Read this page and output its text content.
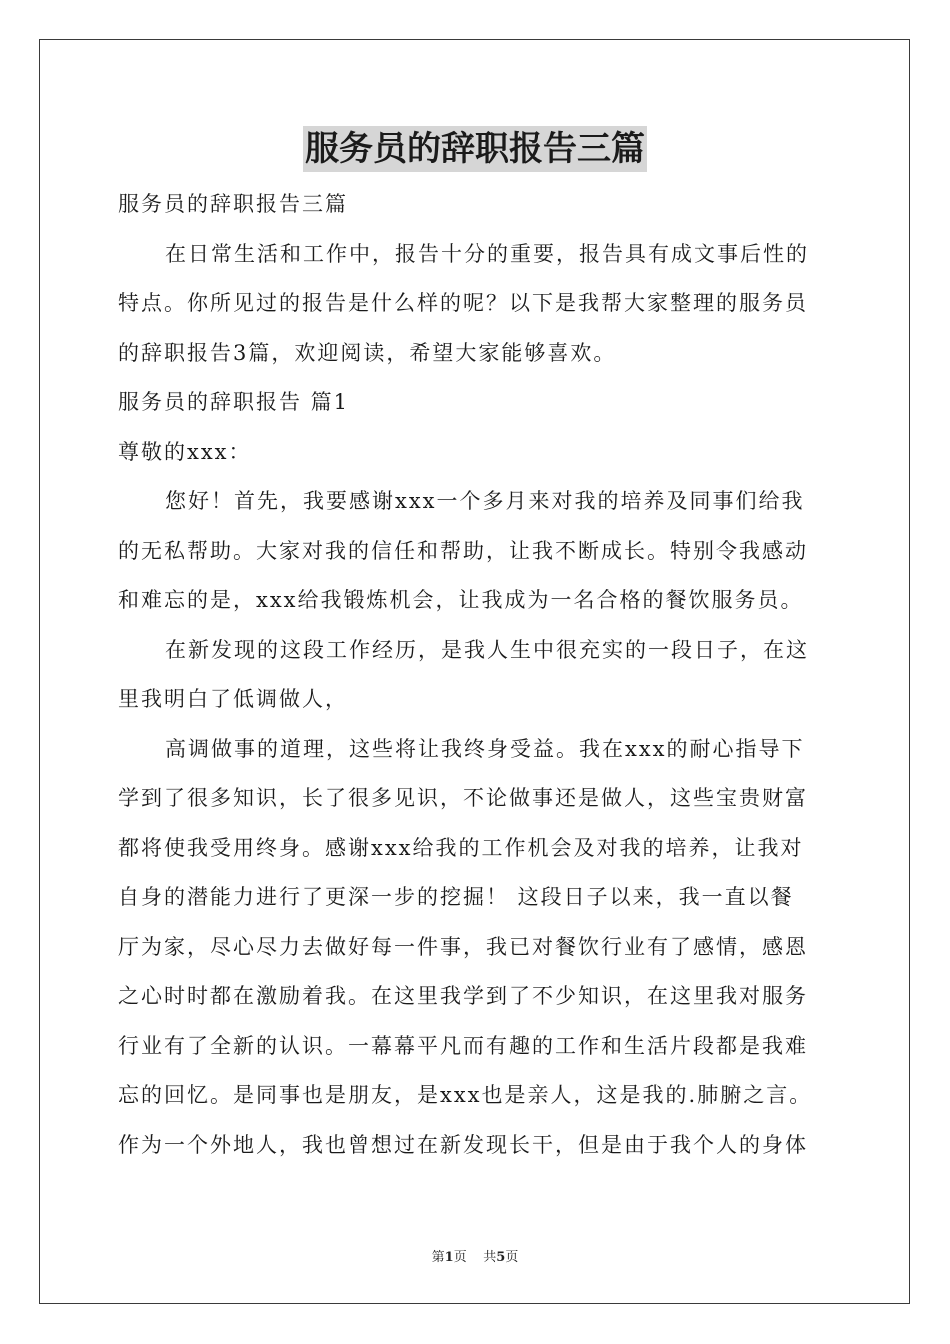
服务员的辞职报告三篇
服务员的辞职报告三篇
在日常生活和工作中，报告十分的重要，报告具有成文事后性的
特点。你所见过的报告是什么样的呢？以下是我帮大家整理的服务员
的辞职报告3篇，欢迎阅读，希望大家能够喜欢。
服务员的辞职报告 篇1
尊敬的xxx：
您好！首先，我要感谢xxx一个多月来对我的培养及同事们给我
的无私帮助。大家对我的信任和帮助，让我不断成长。特别令我感动
和难忘的是，xxx给我锻炼机会，让我成为一名合格的餐饮服务员。
在新发现的这段工作经历，是我人生中很充实的一段日子，在这
里我明白了低调做人，
高调做事的道理，这些将让我终身受益。我在xxx的耐心指导下
学到了很多知识，长了很多见识，不论做事还是做人，这些宝贵财富
都将使我受用终身。感谢xxx给我的工作机会及对我的培养，让我对
自身的潜能力进行了更深一步的挖掘！ 这段日子以来，我一直以餐
厅为家，尽心尽力去做好每一件事，我已对餐饮行业有了感情，感恩
之心时时都在激励着我。在这里我学到了不少知识，在这里我对服务
行业有了全新的认识。一幕幕平凡而有趣的工作和生活片段都是我难
忘的回忆。是同事也是朋友，是xxx也是亲人，这是我的.肺腑之言。
作为一个外地人，我也曾想过在新发现长干，但是由于我个人的身体
第1页 共5页
